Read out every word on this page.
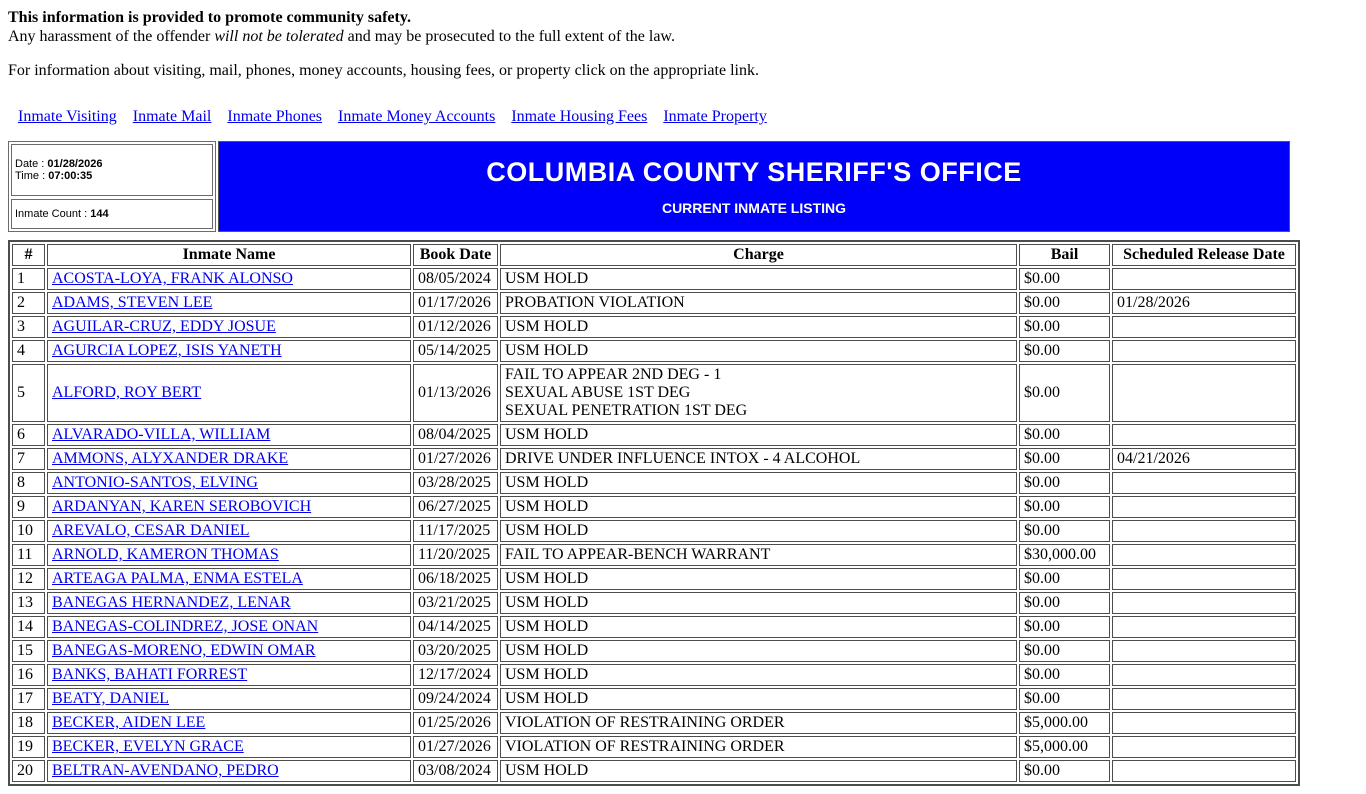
This information is provided to promote community safety.
Any harassment of the offender will not be tolerated and may be prosecuted to the full extent of the law.
For information about visiting, mail, phones, money accounts, housing fees, or property click on the appropriate link.
Inmate Visiting Inmate Mail Inmate Phones Inmate Money Accounts Inmate Housing Fees Inmate Property
Date : 01/28/2026
Time : 07:00:35
Inmate Count : 144
COLUMBIA COUNTY SHERIFF'S OFFICE
CURRENT INMATE LISTING
#	Inmate Name	Book Date	Charge	Bail	Scheduled Release Date
1	ACOSTA-LOYA, FRANK ALONSO	08/05/2024	USM HOLD	$0.00	
2	ADAMS, STEVEN LEE	01/17/2026	PROBATION VIOLATION	$0.00	01/28/2026
3	AGUILAR-CRUZ, EDDY JOSUE	01/12/2026	USM HOLD	$0.00	
4	AGURCIA LOPEZ, ISIS YANETH	05/14/2025	USM HOLD	$0.00	
5	ALFORD, ROY BERT	01/13/2026	FAIL TO APPEAR 2ND DEG - 1
SEXUAL ABUSE 1ST DEG
SEXUAL PENETRATION 1ST DEG	$0.00	
6	ALVARADO-VILLA, WILLIAM	08/04/2025	USM HOLD	$0.00	
7	AMMONS, ALYXANDER DRAKE	01/27/2026	DRIVE UNDER INFLUENCE INTOX - 4 ALCOHOL	$0.00	04/21/2026
8	ANTONIO-SANTOS, ELVING	03/28/2025	USM HOLD	$0.00	
9	ARDANYAN, KAREN SEROBOVICH	06/27/2025	USM HOLD	$0.00	
10	AREVALO, CESAR DANIEL	11/17/2025	USM HOLD	$0.00	
11	ARNOLD, KAMERON THOMAS	11/20/2025	FAIL TO APPEAR-BENCH WARRANT	$30,000.00	
12	ARTEAGA PALMA, ENMA ESTELA	06/18/2025	USM HOLD	$0.00	
13	BANEGAS HERNANDEZ, LENAR	03/21/2025	USM HOLD	$0.00	
14	BANEGAS-COLINDREZ, JOSE ONAN	04/14/2025	USM HOLD	$0.00	
15	BANEGAS-MORENO, EDWIN OMAR	03/20/2025	USM HOLD	$0.00	
16	BANKS, BAHATI FORREST	12/17/2024	USM HOLD	$0.00	
17	BEATY, DANIEL	09/24/2024	USM HOLD	$0.00	
18	BECKER, AIDEN LEE	01/25/2026	VIOLATION OF RESTRAINING ORDER	$5,000.00	
19	BECKER, EVELYN GRACE	01/27/2026	VIOLATION OF RESTRAINING ORDER	$5,000.00	
20	BELTRAN-AVENDANO, PEDRO	03/08/2024	USM HOLD	$0.00	
